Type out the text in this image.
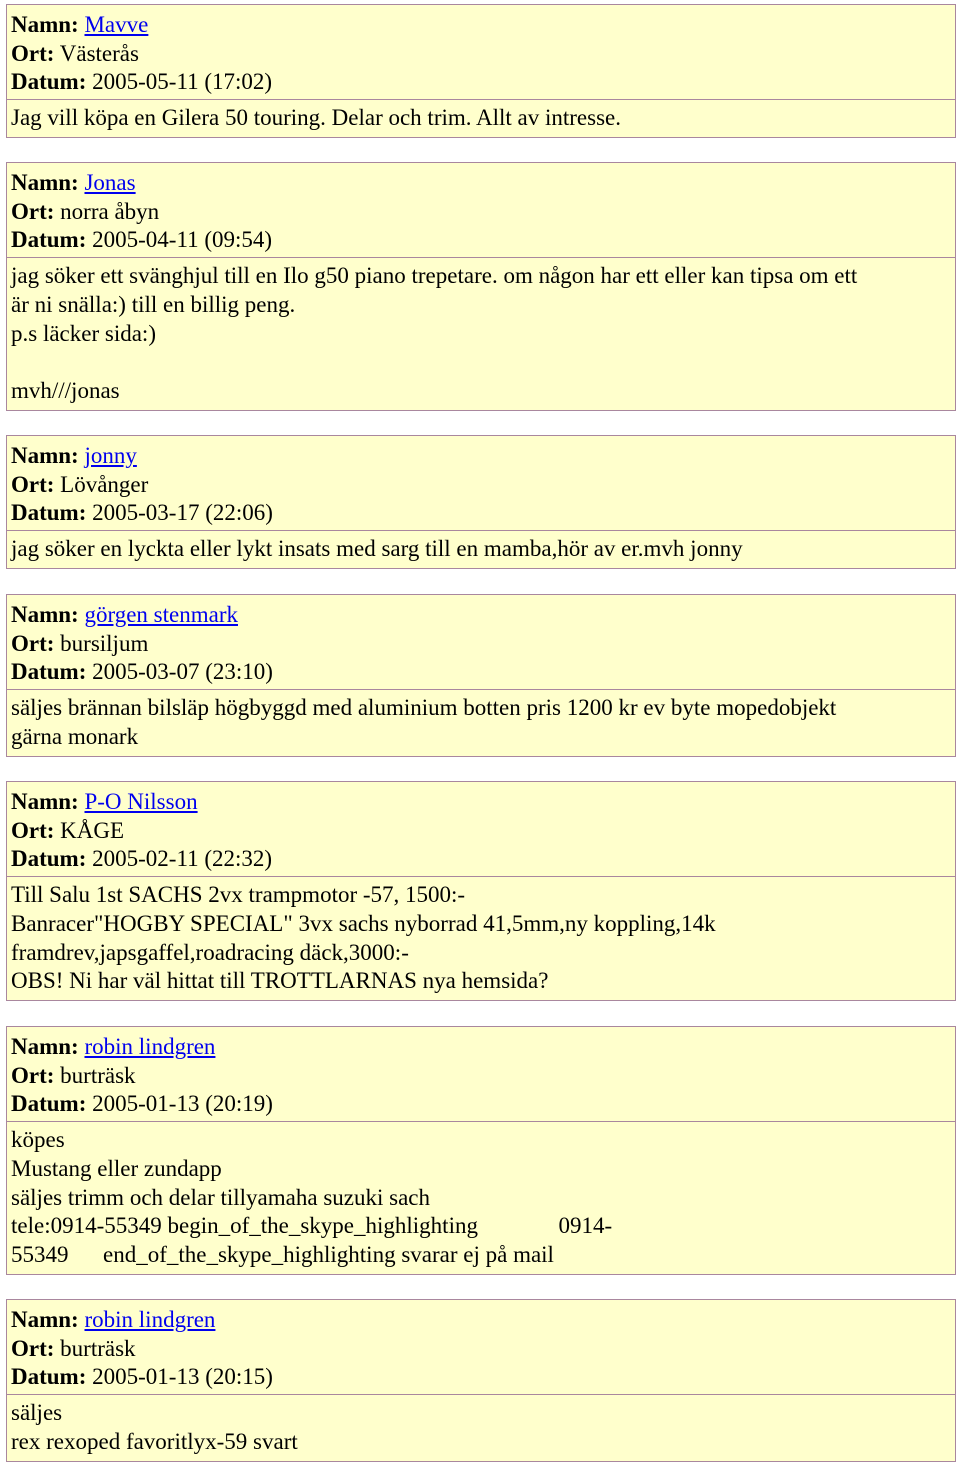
Namn: Mavve
Ort: Västerås
Datum: 2005-05-11 (17:02)
Jag vill köpa en Gilera 50 touring. Delar och trim. Allt av intresse.
Namn: Jonas
Ort: norra åbyn
Datum: 2005-04-11 (09:54)
jag söker ett svänghjul till en Ilo g50 piano trepetare. om någon har ett eller kan tipsa om ett
är ni snälla:) till en billig peng.
p.s läcker sida:)
mvh///jonas
Namn: jonny
Ort: Lövånger
Datum: 2005-03-17 (22:06)
jag söker en lyckta eller lykt insats med sarg till en mamba,hör av er.mvh jonny
Namn: görgen stenmark
Ort: bursiljum
Datum: 2005-03-07 (23:10)
säljes brännan bilsläp högbyggd med aluminium botten pris 1200 kr ev byte mopedobjekt
gärna monark
Namn: P-O Nilsson
Ort: KÅGE
Datum: 2005-02-11 (22:32)
Till Salu 1st SACHS 2vx trampmotor -57, 1500:-
Banracer"HOGBY SPECIAL" 3vx sachs nyborrad 41,5mm,ny koppling,14k
framdrev,japsgaffel,roadracing däck,3000:-
OBS! Ni har väl hittat till TROTTLARNAS nya hemsida?
Namn: robin lindgren
Ort: burträsk
Datum: 2005-01-13 (20:19)
köpes
Mustang eller zundapp
säljes trimm och delar tillyamaha suzuki sach
tele:0914-55349 begin_of_the_skype_highlighting              0914-
55349      end_of_the_skype_highlighting svarar ej på mail
Namn: robin lindgren
Ort: burträsk
Datum: 2005-01-13 (20:15)
säljes
rex rexoped favoritlyx-59 svart
